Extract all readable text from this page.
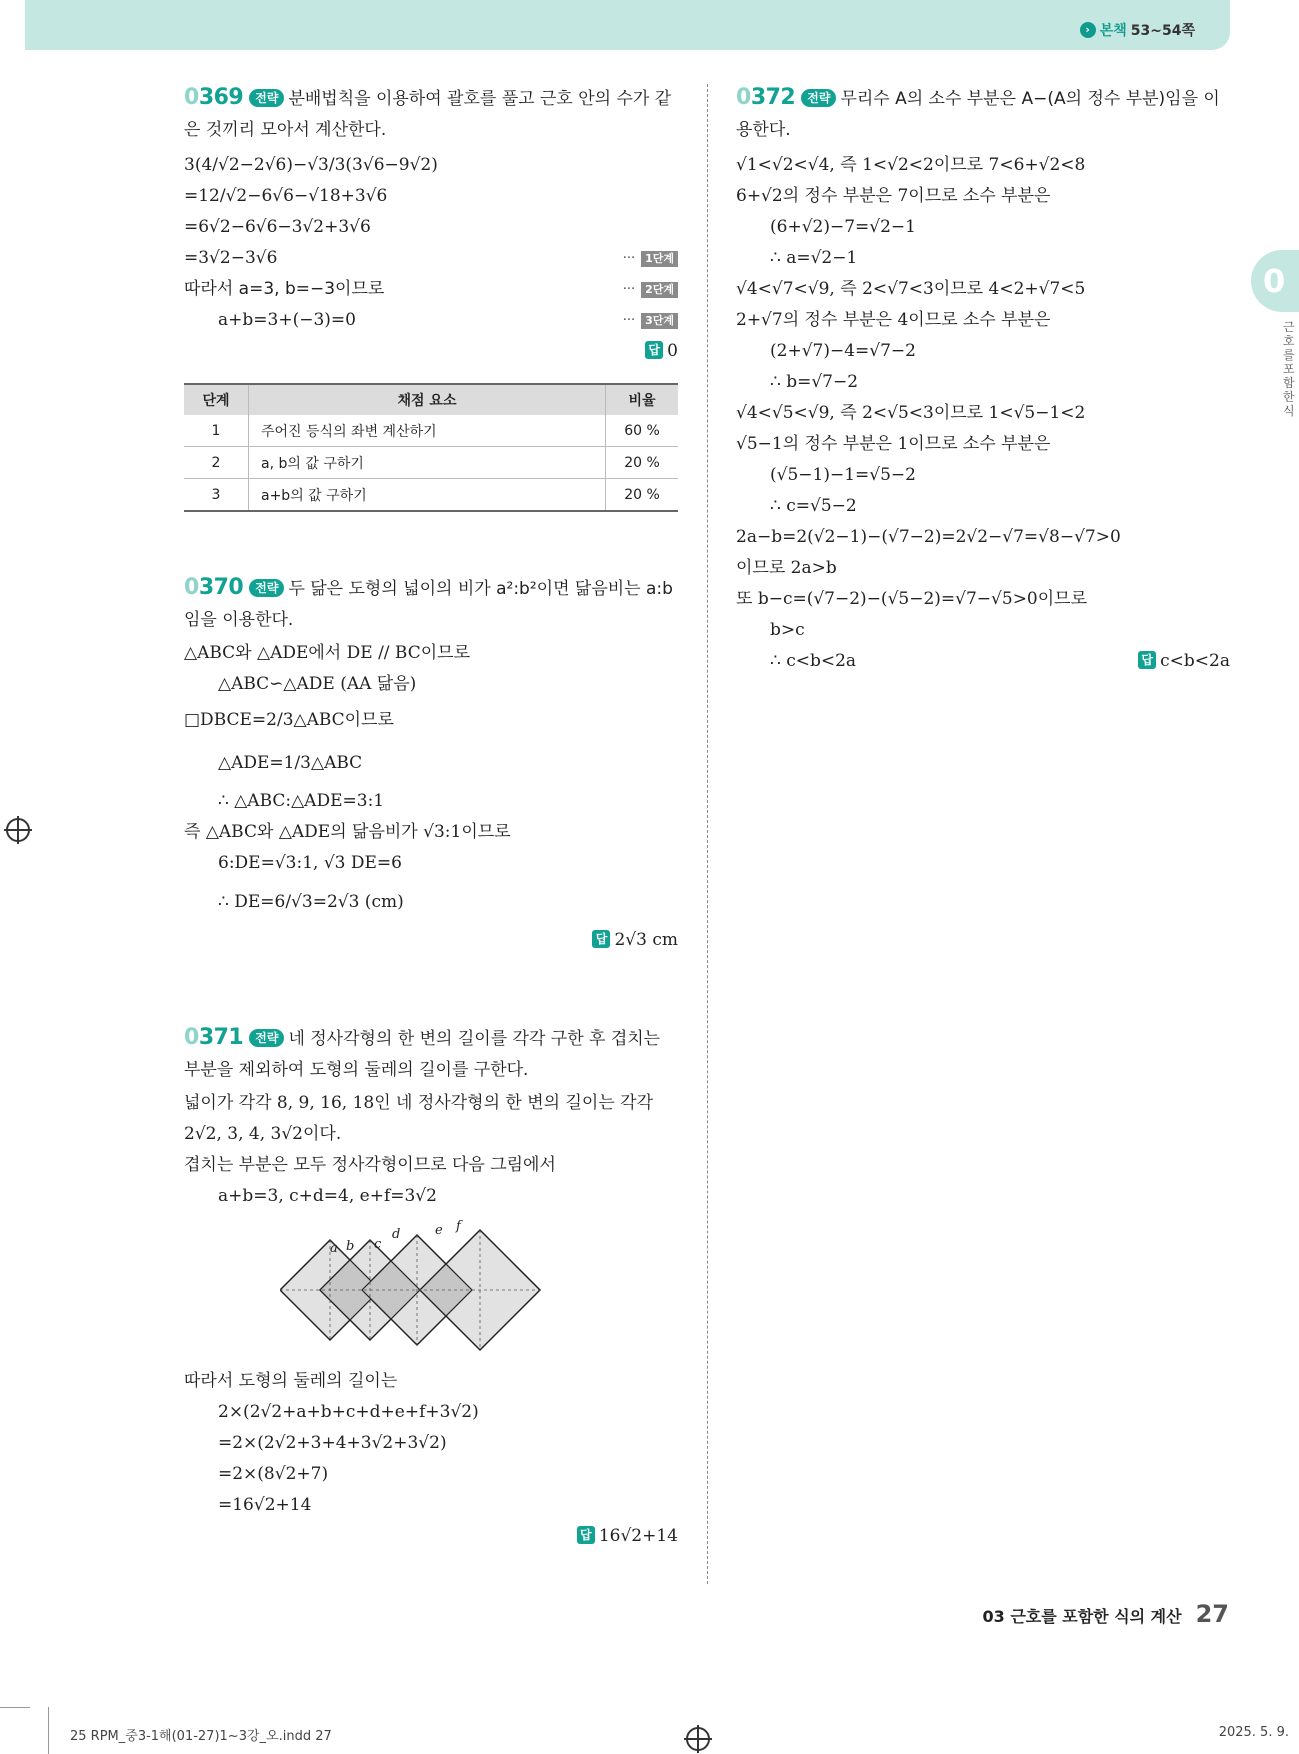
› 본책 53~54쪽
0
근호를포함한식
0369 전략 분배법칙을 이용하여 괄호를 풀고 근호 안의 수가 같은 것끼리 모아서 계산한다.
3(4/√2−2√6)−√3/3(3√6−9√2)
=12/√2−6√6−√18+3√6
=6√2−6√6−3√2+3√6
=3√2−3√6	··· 1단계
따라서 a=3, b=−3이므로	··· 2단계
a+b=3+(−3)=0	··· 3단계
답 0
단계	채점 요소	비율
1	주어진 등식의 좌변 계산하기	60 %
2	a, b의 값 구하기	20 %
3	a+b의 값 구하기	20 %
0370 전략 두 닮은 도형의 넓이의 비가 a²:b²이면 닮음비는 a:b임을 이용한다.
△ABC와 △ADE에서 DE // BC이므로
△ABC∽△ADE (AA 닮음)
□DBCE=2/3△ABC이므로
△ADE=1/3△ABC
∴ △ABC:△ADE=3:1
즉 △ABC와 △ADE의 닮음비가 √3:1이므로
6:DE=√3:1, √3 DE=6
∴ DE=6/√3=2√3 (cm)
답 2√3 cm
0371 전략 네 정사각형의 한 변의 길이를 각각 구한 후 겹치는 부분을 제외하여 도형의 둘레의 길이를 구한다.
넓이가 각각 8, 9, 16, 18인 네 정사각형의 한 변의 길이는 각각
2√2, 3, 4, 3√2이다.
겹치는 부분은 모두 정사각형이므로 다음 그림에서
a+b=3, c+d=4, e+f=3√2
a b c
d	e f
따라서 도형의 둘레의 길이는
2×(2√2+a+b+c+d+e+f+3√2)
=2×(2√2+3+4+3√2+3√2)
=2×(8√2+7)
=16√2+14
답 16√2+14
0372 전략 무리수 A의 소수 부분은 A−(A의 정수 부분)임을 이용한다.
√1<√2<√4, 즉 1<√2<2이므로 7<6+√2<8
6+√2의 정수 부분은 7이므로 소수 부분은
(6+√2)−7=√2−1
∴ a=√2−1
√4<√7<√9, 즉 2<√7<3이므로 4<2+√7<5
2+√7의 정수 부분은 4이므로 소수 부분은
(2+√7)−4=√7−2
∴ b=√7−2
√4<√5<√9, 즉 2<√5<3이므로 1<√5−1<2
√5−1의 정수 부분은 1이므로 소수 부분은
(√5−1)−1=√5−2
∴ c=√5−2
2a−b=2(√2−1)−(√7−2)=2√2−√7=√8−√7>0
이므로 2a>b
또 b−c=(√7−2)−(√5−2)=√7−√5>0이므로
b>c
∴ c<b<2a	답 c<b<2a
03 근호를 포함한 식의 계산 27
25 RPM_중3-1해(01-27)1~3강_오.indd 27	2025. 5. 9.
